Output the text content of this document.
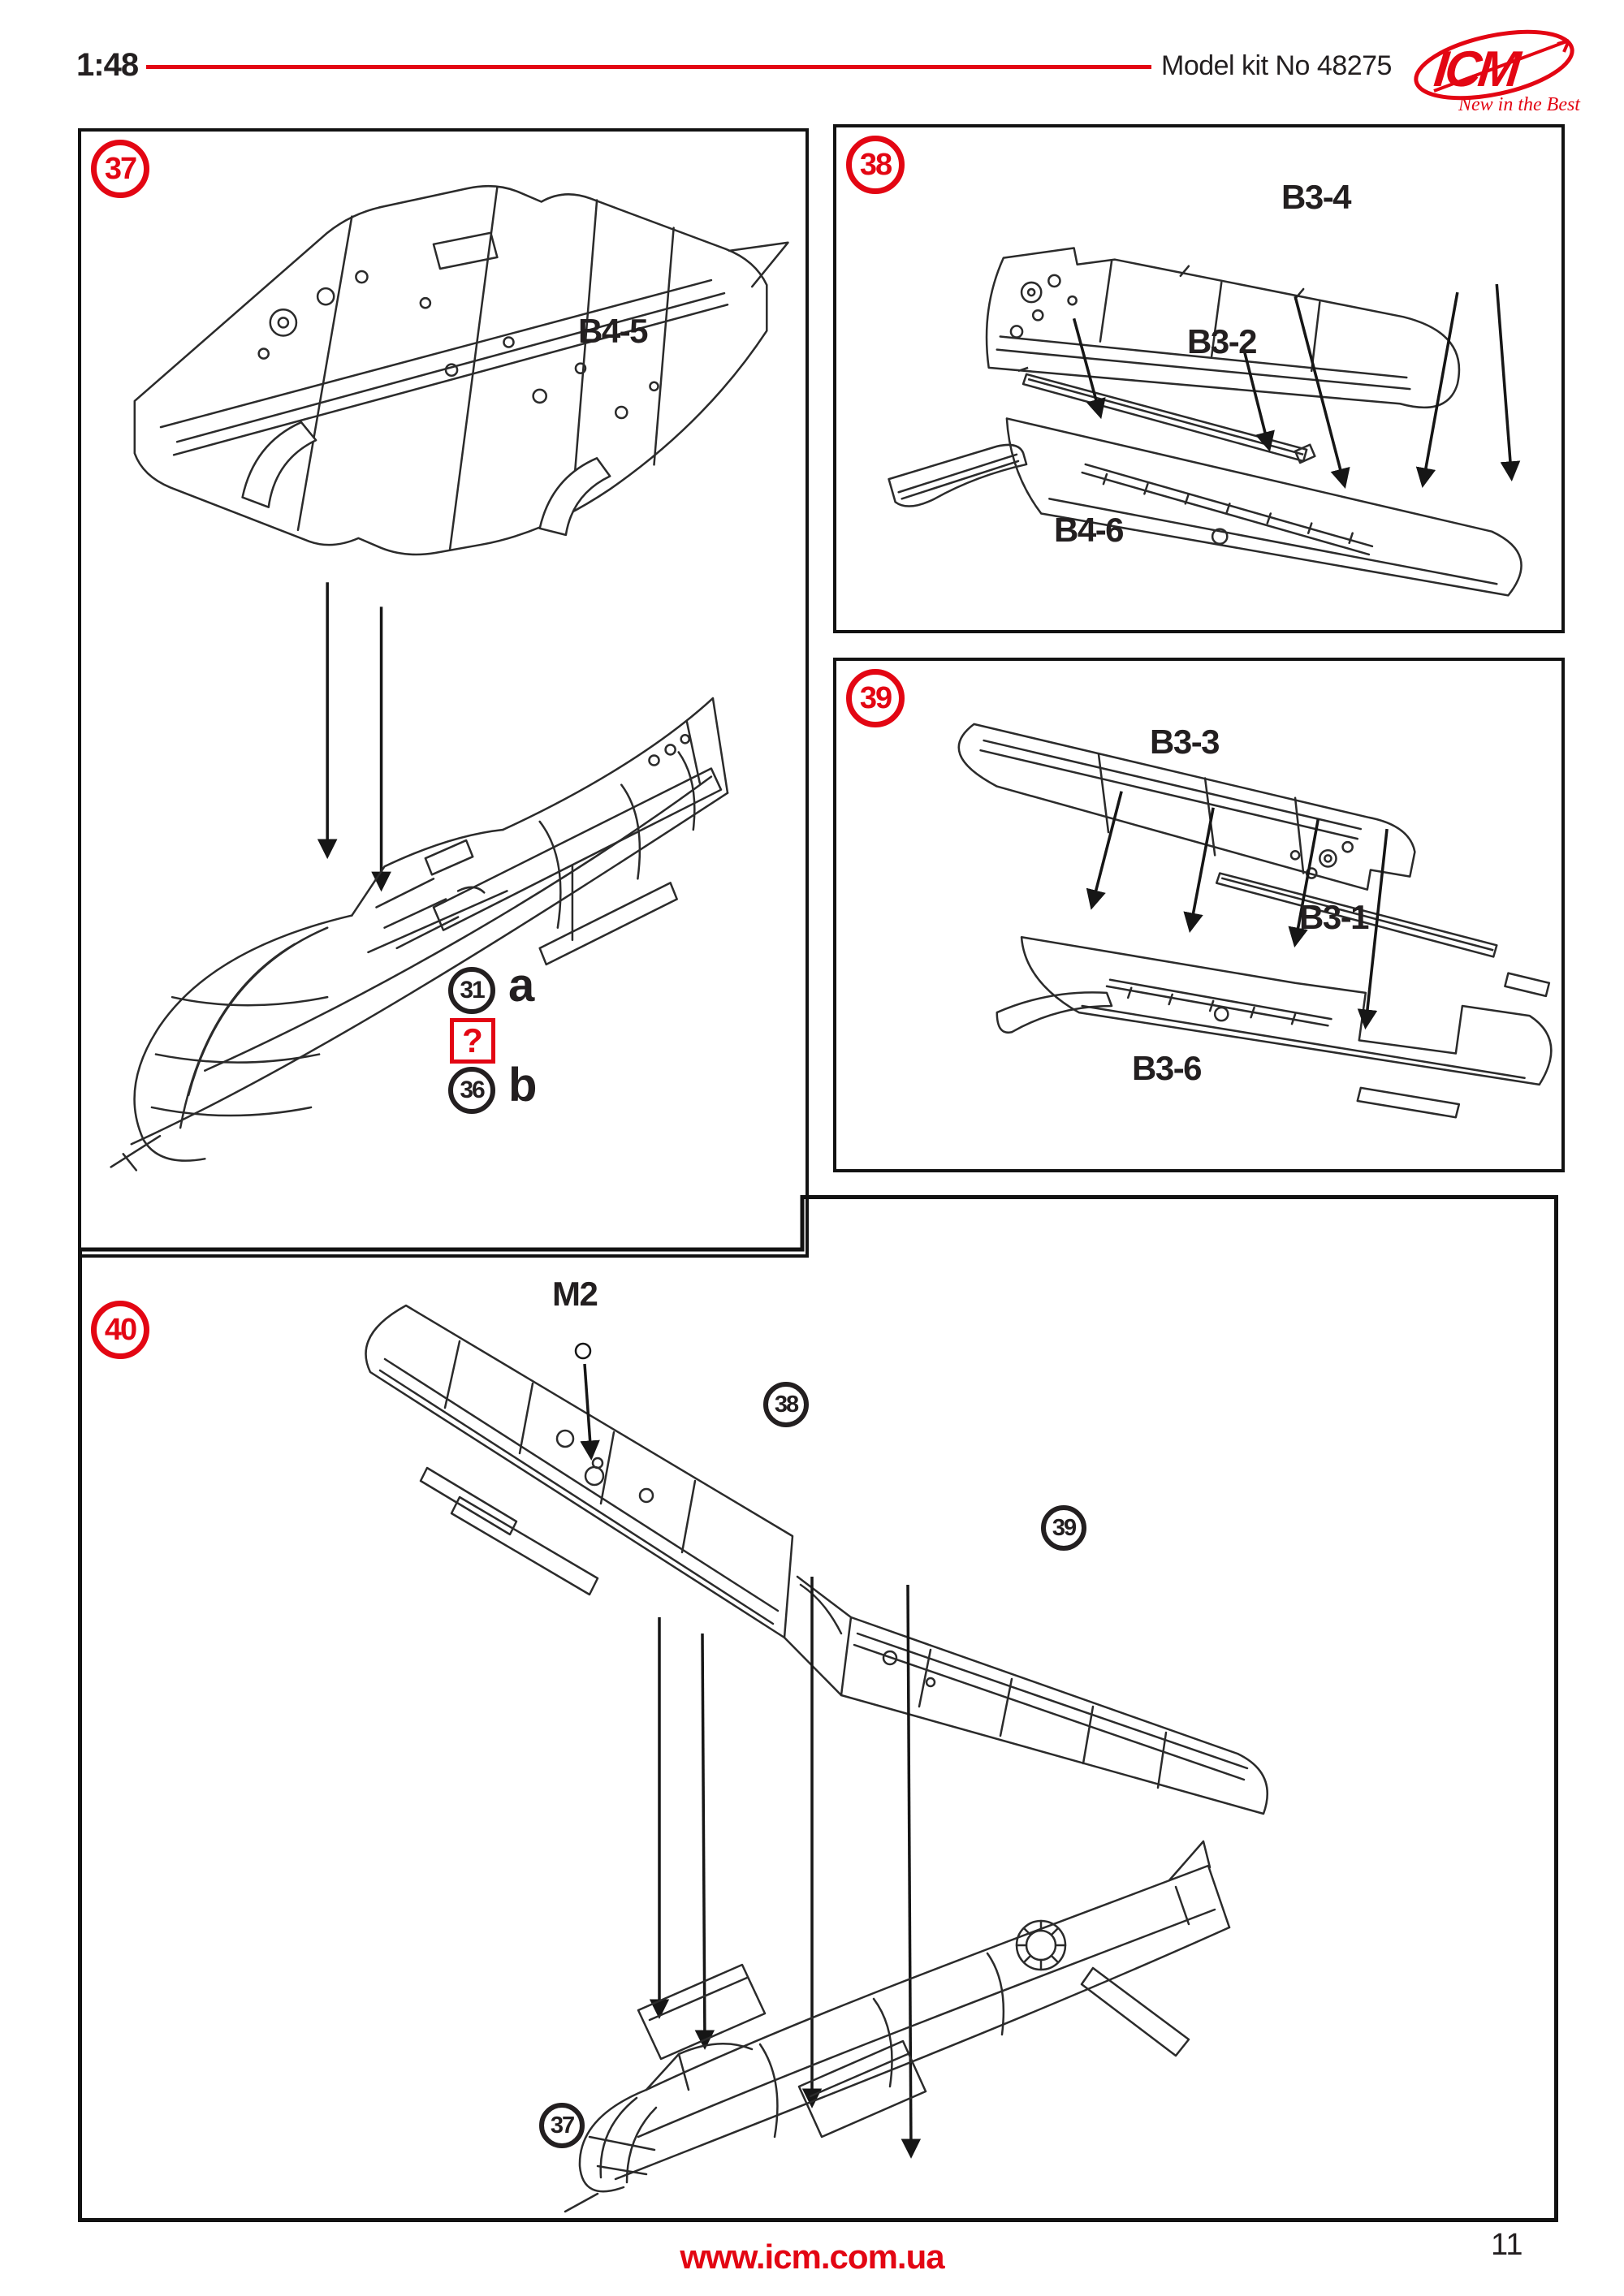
1:48	Model kit No 48275 ICM
New in the Best
37
B4-5
31 a
?
36 b
38
B3-4
B3-2
B4-6
39
B3-3
B3-1
B3-6
40
M2
38
39
37
www.icm.com.ua	11
